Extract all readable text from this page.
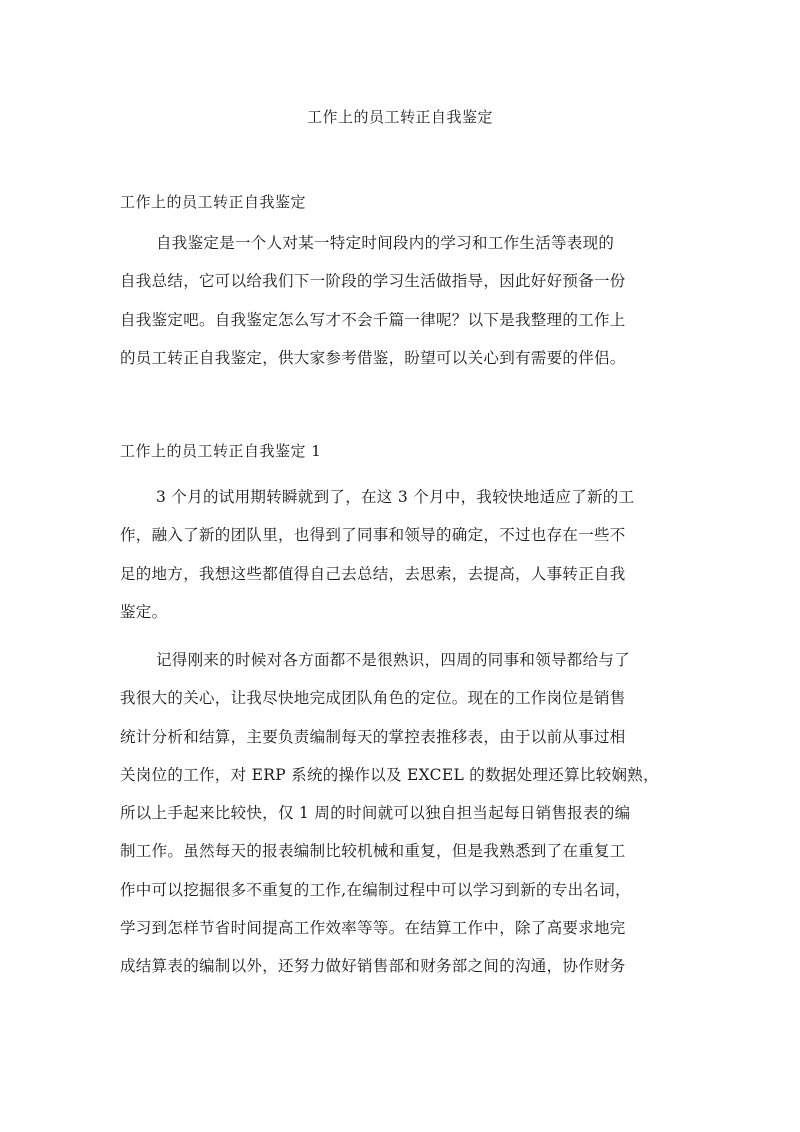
工作上的员工转正自我鉴定
工作上的员工转正自我鉴定
自我鉴定是一个人对某一特定时间段内的学习和工作生活等表现的
自我总结，它可以给我们下一阶段的学习生活做指导，因此好好预备一份
自我鉴定吧。自我鉴定怎么写才不会千篇一律呢？以下是我整理的工作上
的员工转正自我鉴定，供大家参考借鉴，盼望可以关心到有需要的伴侣。
工作上的员工转正自我鉴定 1
3 个月的试用期转瞬就到了，在这 3 个月中，我较快地适应了新的工
作，融入了新的团队里，也得到了同事和领导的确定，不过也存在一些不
足的地方，我想这些都值得自己去总结，去思索，去提高，人事转正自我
鉴定。
记得刚来的时候对各方面都不是很熟识，四周的同事和领导都给与了
我很大的关心，让我尽快地完成团队角色的定位。现在的工作岗位是销售
统计分析和结算，主要负责编制每天的掌控表推移表，由于以前从事过相
关岗位的工作，对 ERP 系统的操作以及 EXCEL 的数据处理还算比较娴熟，
所以上手起来比较快，仅 1 周的时间就可以独自担当起每日销售报表的编
制工作。虽然每天的报表编制比较机械和重复，但是我熟悉到了在重复工
作中可以挖掘很多不重复的工作,在编制过程中可以学习到新的专出名词，
学习到怎样节省时间提高工作效率等等。在结算工作中，除了高要求地完
成结算表的编制以外，还努力做好销售部和财务部之间的沟通，协作财务
